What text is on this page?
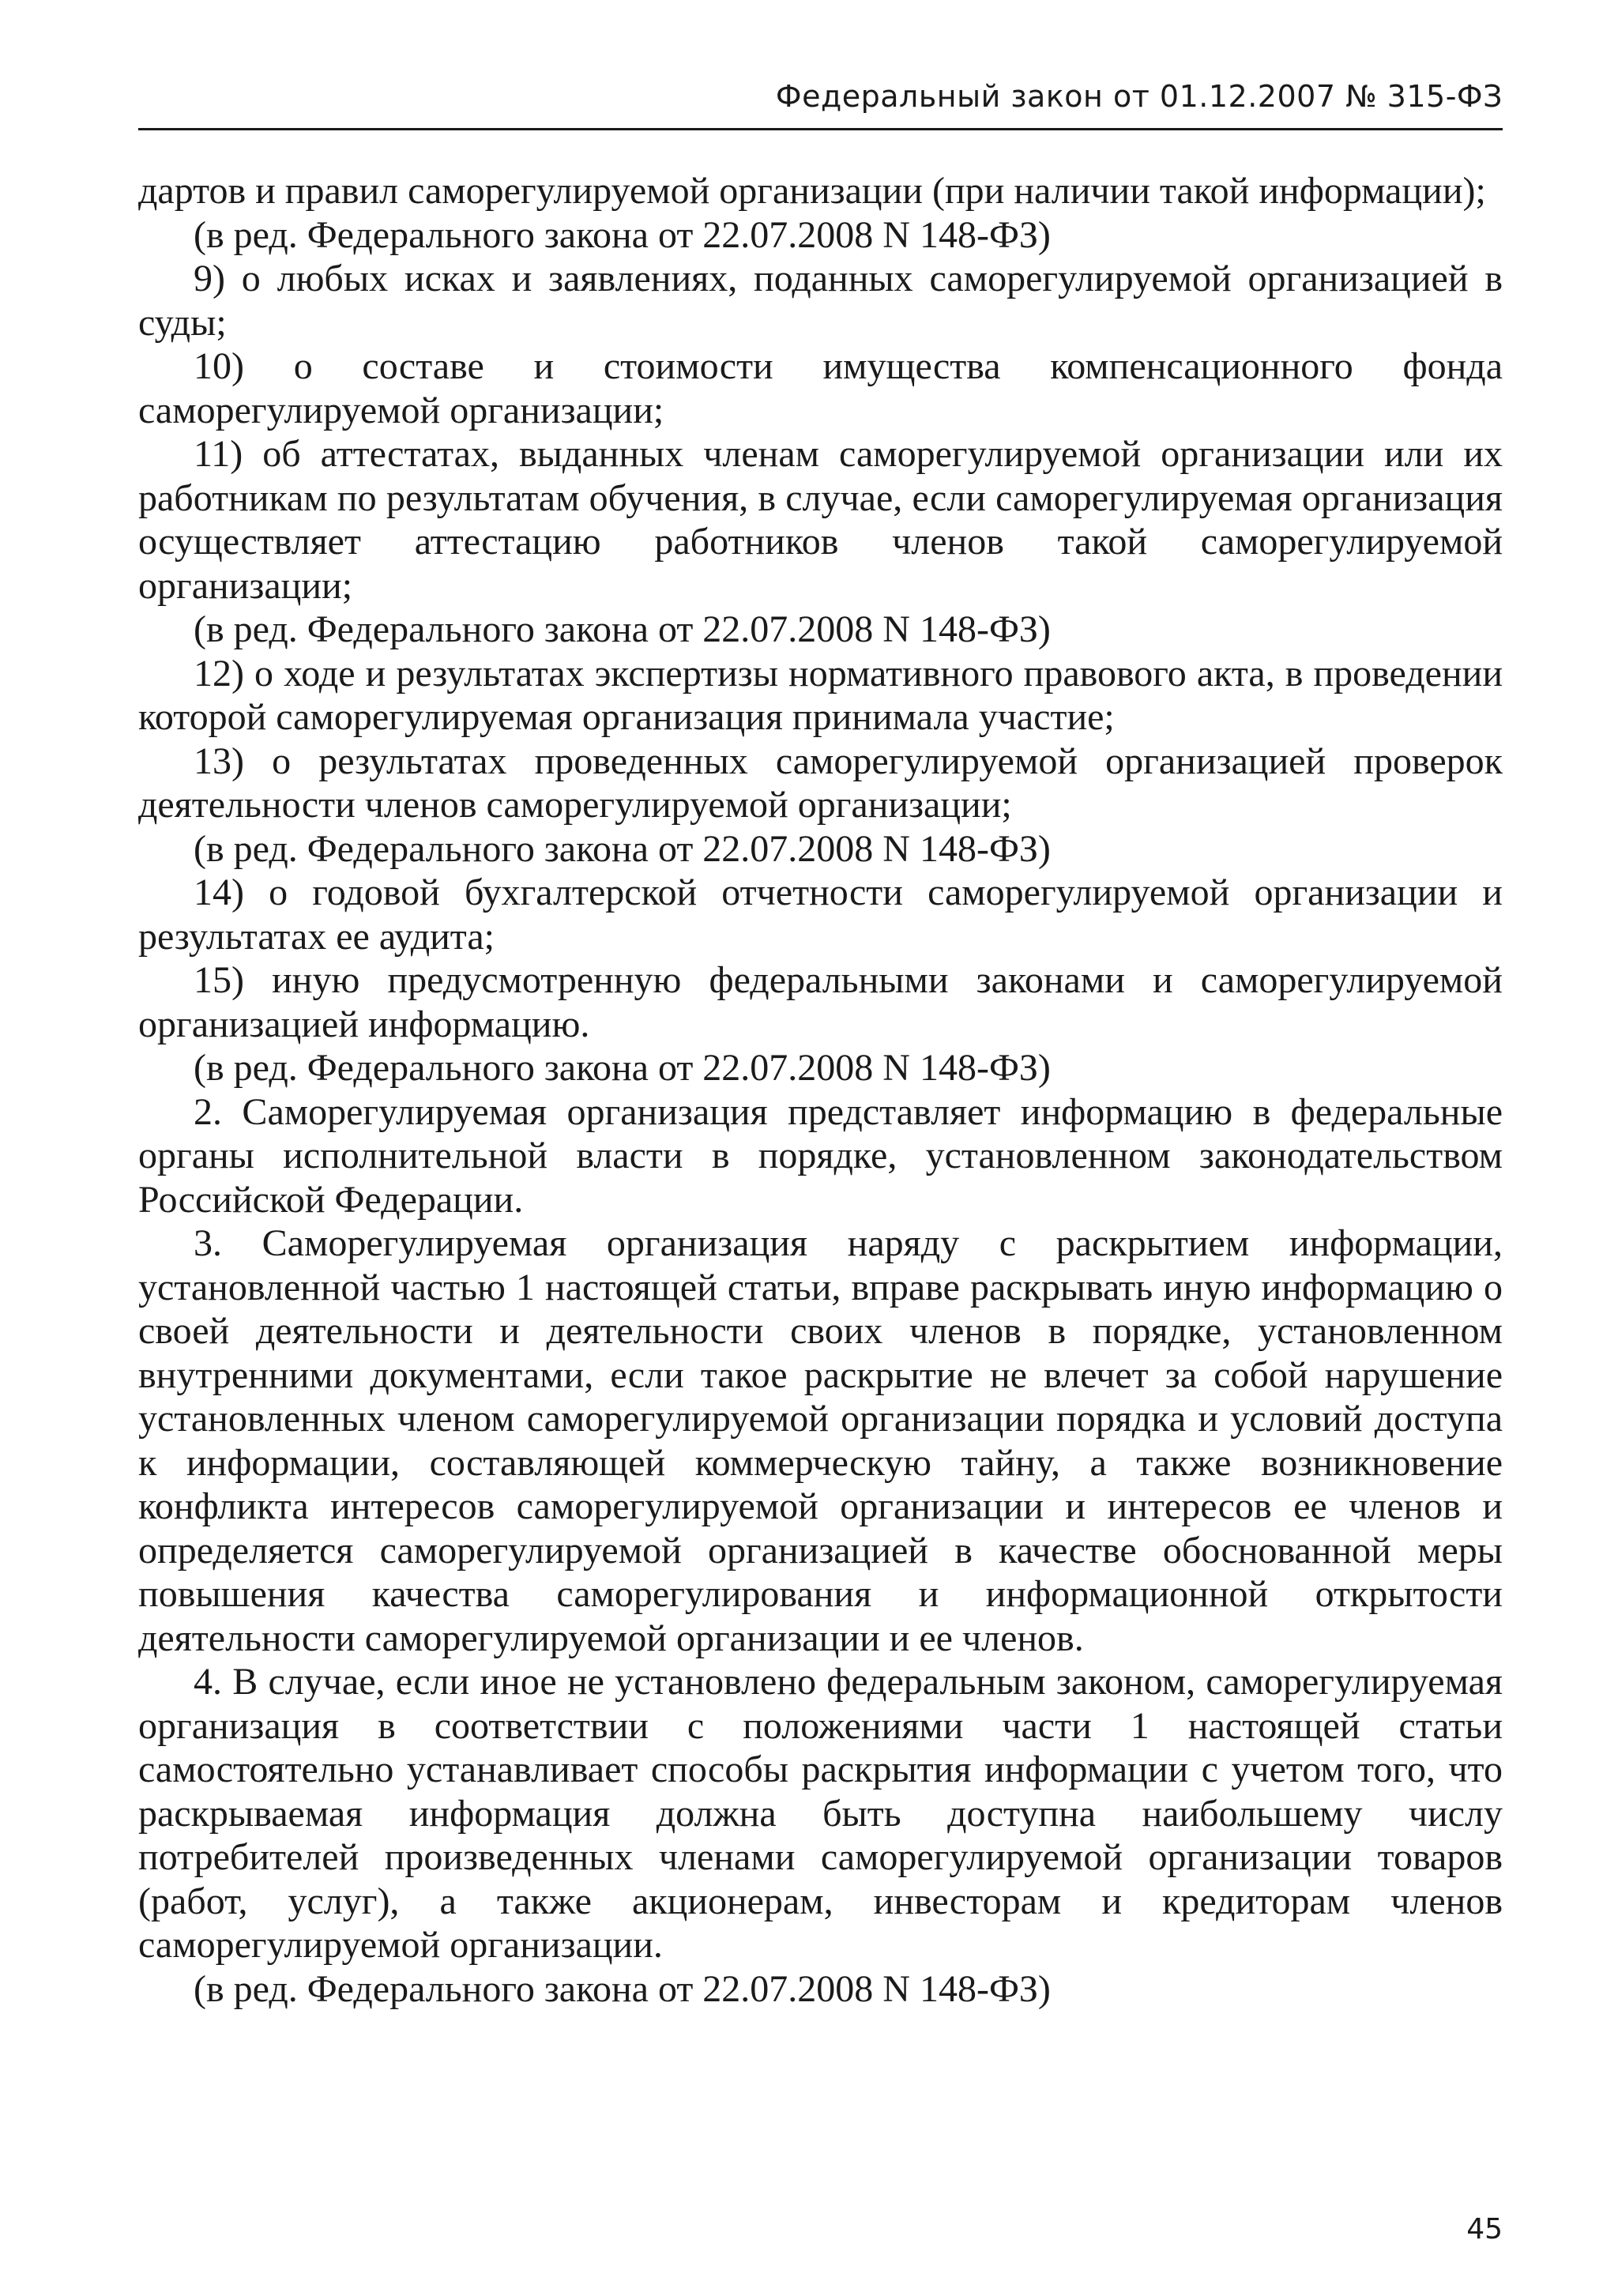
Федеральный закон от 01.12.2007 № 315-ФЗ

дартов и правил саморегулируемой организации (при наличии такой информации);

(в ред. Федерального закона от 22.07.2008 N 148-ФЗ)

9) о любых исках и заявлениях, поданных саморегулируемой организацией в суды;

10) о составе и стоимости имущества компенсационного фонда саморегулируемой организации;

11) об аттестатах, выданных членам саморегулируемой организации или их работникам по результатам обучения, в случае, если саморегулируемая организация осуществляет аттестацию работников членов такой саморегулируемой организации;

(в ред. Федерального закона от 22.07.2008 N 148-ФЗ)

12) о ходе и результатах экспертизы нормативного правового акта, в проведении которой саморегулируемая организация принимала участие;

13) о результатах проведенных саморегулируемой организацией проверок деятельности членов саморегулируемой организации;

(в ред. Федерального закона от 22.07.2008 N 148-ФЗ)

14) о годовой бухгалтерской отчетности саморегулируемой организации и результатах ее аудита;

15) иную предусмотренную федеральными законами и саморегулируемой организацией информацию.

(в ред. Федерального закона от 22.07.2008 N 148-ФЗ)

2. Саморегулируемая организация представляет информацию в федеральные органы исполнительной власти в порядке, установленном законодательством Российской Федерации.

3. Саморегулируемая организация наряду с раскрытием информации, установленной частью 1 настоящей статьи, вправе раскрывать иную информацию о своей деятельности и деятельности своих членов в порядке, установленном внутренними документами, если такое раскрытие не влечет за собой нарушение установленных членом саморегулируемой организации порядка и условий доступа к информации, составляющей коммерческую тайну, а также возникновение конфликта интересов саморегулируемой организации и интересов ее членов и определяется саморегулируемой организацией в качестве обоснованной меры повышения качества саморегулирования и информационной открытости деятельности саморегулируемой организации и ее членов.

4. В случае, если иное не установлено федеральным законом, саморегулируемая организация в соответствии с положениями части 1 настоящей статьи самостоятельно устанавливает способы раскрытия информации с учетом того, что раскрываемая информация должна быть доступна наибольшему числу потребителей произведенных членами саморегулируемой организации товаров (работ, услуг), а также акционерам, инвесторам и кредиторам членов саморегулируемой организации.

(в ред. Федерального закона от 22.07.2008 N 148-ФЗ)

45
